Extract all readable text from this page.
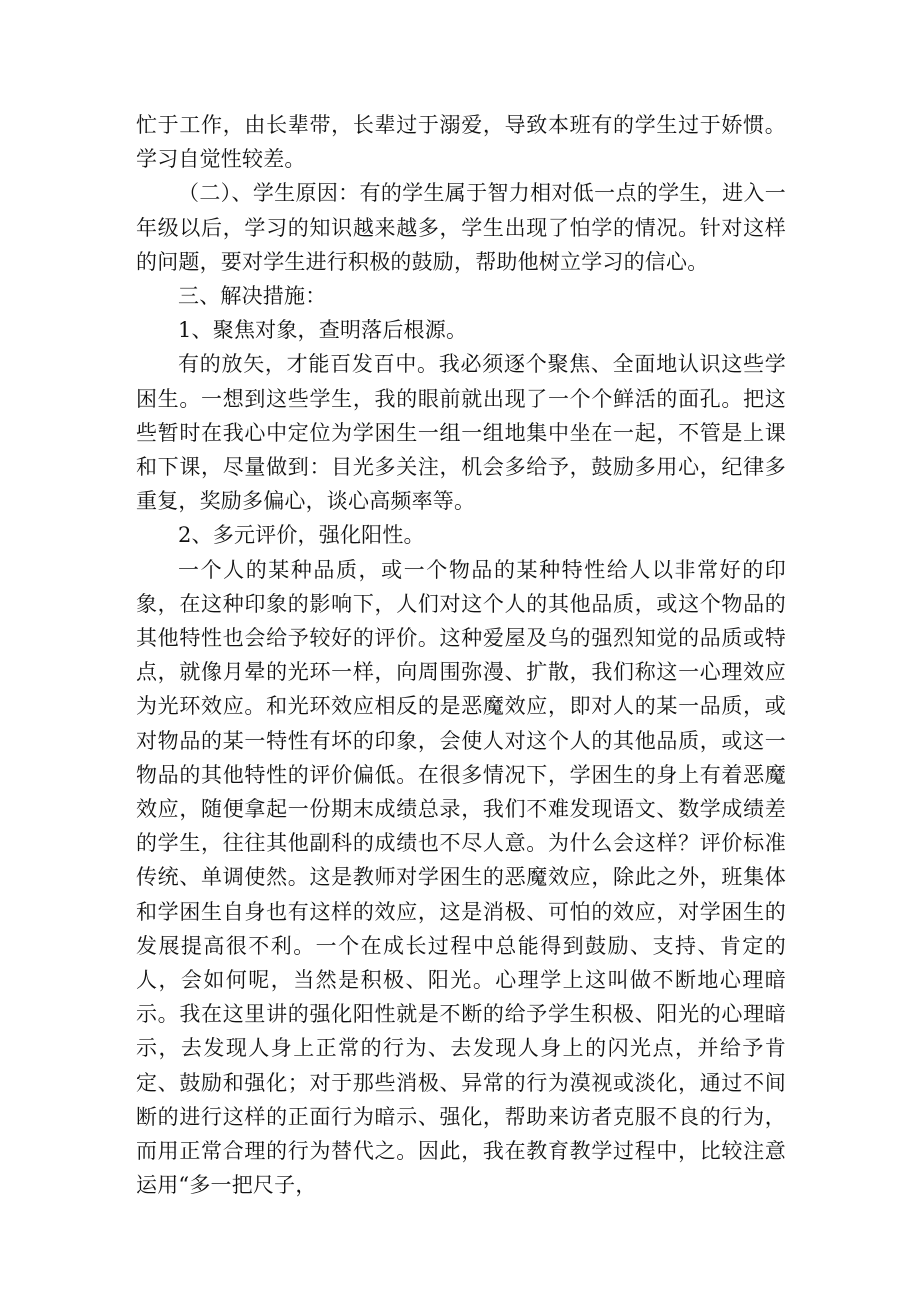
忙于工作，由长辈带，长辈过于溺爱，导致本班有的学生过于娇惯。学习自觉性较差。

（二）、学生原因：有的学生属于智力相对低一点的学生，进入一年级以后，学习的知识越来越多，学生出现了怕学的情况。针对这样的问题，要对学生进行积极的鼓励，帮助他树立学习的信心。

三、解决措施：

1、聚焦对象，查明落后根源。

有的放矢，才能百发百中。我必须逐个聚焦、全面地认识这些学困生。一想到这些学生，我的眼前就出现了一个个鲜活的面孔。把这些暂时在我心中定位为学困生一组一组地集中坐在一起，不管是上课和下课，尽量做到：目光多关注，机会多给予，鼓励多用心，纪律多重复，奖励多偏心，谈心高频率等。

2、多元评价，强化阳性。

一个人的某种品质，或一个物品的某种特性给人以非常好的印象，在这种印象的影响下，人们对这个人的其他品质，或这个物品的其他特性也会给予较好的评价。这种爱屋及乌的强烈知觉的品质或特点，就像月晕的光环一样，向周围弥漫、扩散，我们称这一心理效应为光环效应。和光环效应相反的是恶魔效应，即对人的某一品质，或对物品的某一特性有坏的印象，会使人对这个人的其他品质，或这一物品的其他特性的评价偏低。在很多情况下，学困生的身上有着恶魔效应，随便拿起一份期末成绩总录，我们不难发现语文、数学成绩差的学生，往往其他副科的成绩也不尽人意。为什么会这样？评价标准传统、单调使然。这是教师对学困生的恶魔效应，除此之外，班集体和学困生自身也有这样的效应，这是消极、可怕的效应，对学困生的发展提高很不利。一个在成长过程中总能得到鼓励、支持、肯定的人，会如何呢，当然是积极、阳光。心理学上这叫做不断地心理暗示。我在这里讲的强化阳性就是不断的给予学生积极、阳光的心理暗示，去发现人身上正常的行为、去发现人身上的闪光点，并给予肯定、鼓励和强化；对于那些消极、异常的行为漠视或淡化，通过不间断的进行这样的正面行为暗示、强化，帮助来访者克服不良的行为，而用正常合理的行为替代之。因此，我在教育教学过程中，比较注意运用“多一把尺子，
